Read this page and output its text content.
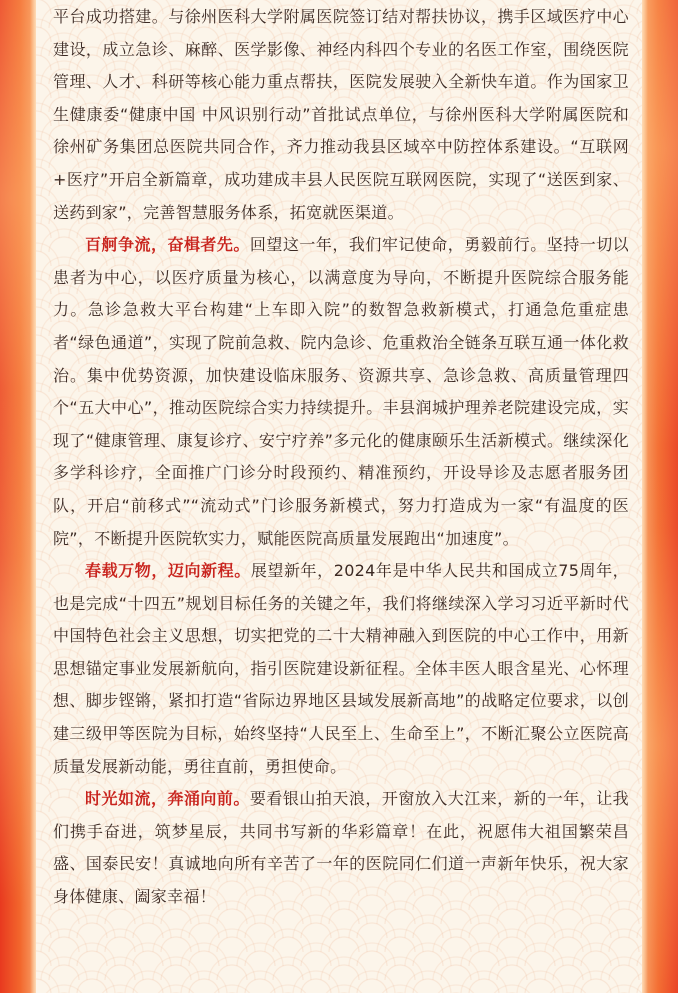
平台成功搭建。与徐州医科大学附属医院签订结对帮扶协议，携手区域医疗中心建设，成立急诊、麻醉、医学影像、神经内科四个专业的名医工作室，围绕医院管理、人才、科研等核心能力重点帮扶，医院发展驶入全新快车道。作为国家卫生健康委“健康中国 中风识别行动”首批试点单位，与徐州医科大学附属医院和徐州矿务集团总医院共同合作，齐力推动我县区域卒中防控体系建设。“互联网+医疗”开启全新篇章，成功建成丰县人民医院互联网医院，实现了“送医到家、送药到家”，完善智慧服务体系，拓宽就医渠道。

百舸争流，奋楫者先。回望这一年，我们牢记使命，勇毅前行。坚持一切以患者为中心，以医疗质量为核心，以满意度为导向，不断提升医院综合服务能力。急诊急救大平台构建“上车即入院”的数智急救新模式，打通急危重症患者“绿色通道”，实现了院前急救、院内急诊、危重救治全链条互联互通一体化救治。集中优势资源，加快建设临床服务、资源共享、急诊急救、高质量管理四个“五大中心”，推动医院综合实力持续提升。丰县润城护理养老院建设完成，实现了“健康管理、康复诊疗、安宁疗养”多元化的健康颐乐生活新模式。继续深化多学科诊疗，全面推广门诊分时段预约、精准预约，开设导诊及志愿者服务团队，开启“前移式”“流动式”门诊服务新模式，努力打造成为一家“有温度的医院”，不断提升医院软实力，赋能医院高质量发展跑出“加速度”。

春载万物，迈向新程。展望新年，2024年是中华人民共和国成立75周年，也是完成“十四五”规划目标任务的关键之年，我们将继续深入学习习近平新时代中国特色社会主义思想，切实把党的二十大精神融入到医院的中心工作中，用新思想锚定事业发展新航向，指引医院建设新征程。全体丰医人眼含星光、心怀理想、脚步铿锵，紧扣打造“省际边界地区县域发展新高地”的战略定位要求，以创建三级甲等医院为目标，始终坚持“人民至上、生命至上”，不断汇聚公立医院高质量发展新动能，勇往直前，勇担使命。

时光如流，奔涌向前。要看银山拍天浪，开窗放入大江来，新的一年，让我们携手奋进，筑梦星辰，共同书写新的华彩篇章！在此，祝愿伟大祖国繁荣昌盛、国泰民安！真诚地向所有辛苦了一年的医院同仁们道一声新年快乐，祝大家身体健康、阖家幸福！
